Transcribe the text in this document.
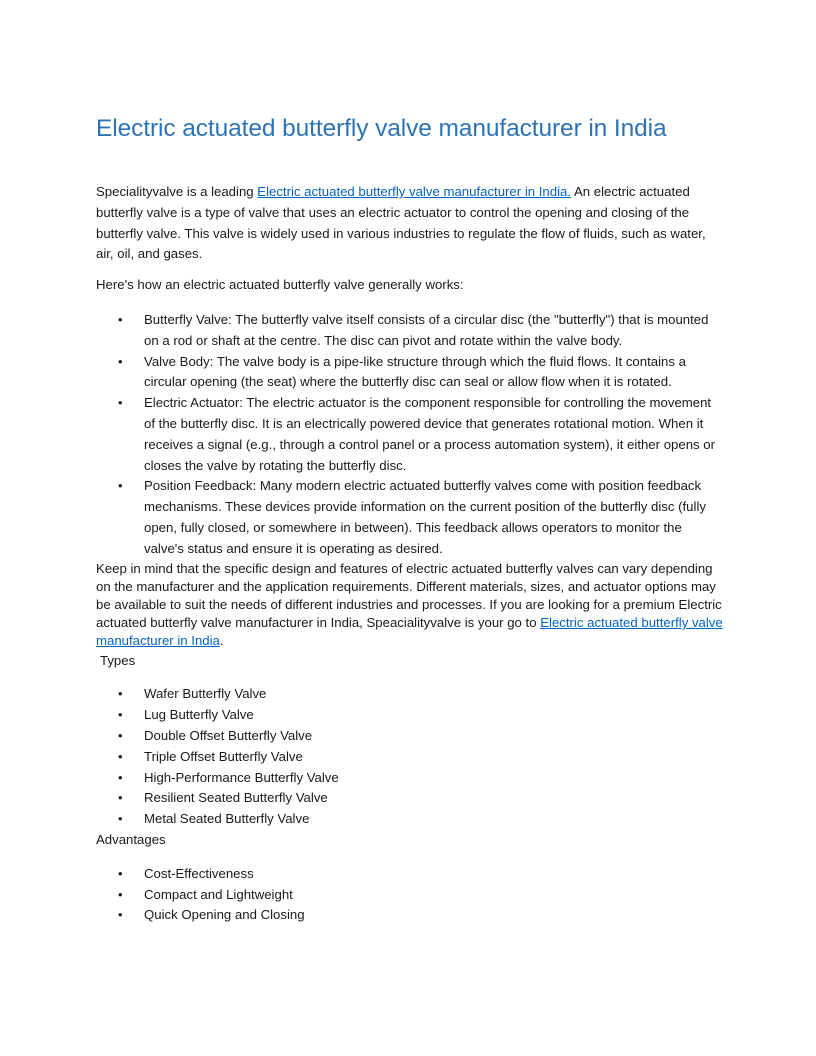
Electric actuated butterfly valve manufacturer in India

Specialityvalve is a leading Electric actuated butterfly valve manufacturer in India. An electric actuated butterfly valve is a type of valve that uses an electric actuator to control the opening and closing of the butterfly valve. This valve is widely used in various industries to regulate the flow of fluids, such as water, air, oil, and gases.

Here's how an electric actuated butterfly valve generally works:

• Butterfly Valve: The butterfly valve itself consists of a circular disc (the "butterfly") that is mounted on a rod or shaft at the centre. The disc can pivot and rotate within the valve body.
• Valve Body: The valve body is a pipe-like structure through which the fluid flows. It contains a circular opening (the seat) where the butterfly disc can seal or allow flow when it is rotated.
• Electric Actuator: The electric actuator is the component responsible for controlling the movement of the butterfly disc. It is an electrically powered device that generates rotational motion. When it receives a signal (e.g., through a control panel or a process automation system), it either opens or closes the valve by rotating the butterfly disc.
• Position Feedback: Many modern electric actuated butterfly valves come with position feedback mechanisms. These devices provide information on the current position of the butterfly disc (fully open, fully closed, or somewhere in between). This feedback allows operators to monitor the valve's status and ensure it is operating as desired.

Keep in mind that the specific design and features of electric actuated butterfly valves can vary depending on the manufacturer and the application requirements. Different materials, sizes, and actuator options may be available to suit the needs of different industries and processes. If you are looking for a premium Electric actuated butterfly valve manufacturer in India, Speacialityvalve is your go to Electric actuated butterfly valve manufacturer in India.

Types

• Wafer Butterfly Valve
• Lug Butterfly Valve
• Double Offset Butterfly Valve
• Triple Offset Butterfly Valve
• High-Performance Butterfly Valve
• Resilient Seated Butterfly Valve
• Metal Seated Butterfly Valve

Advantages

• Cost-Effectiveness
• Compact and Lightweight
• Quick Opening and Closing
